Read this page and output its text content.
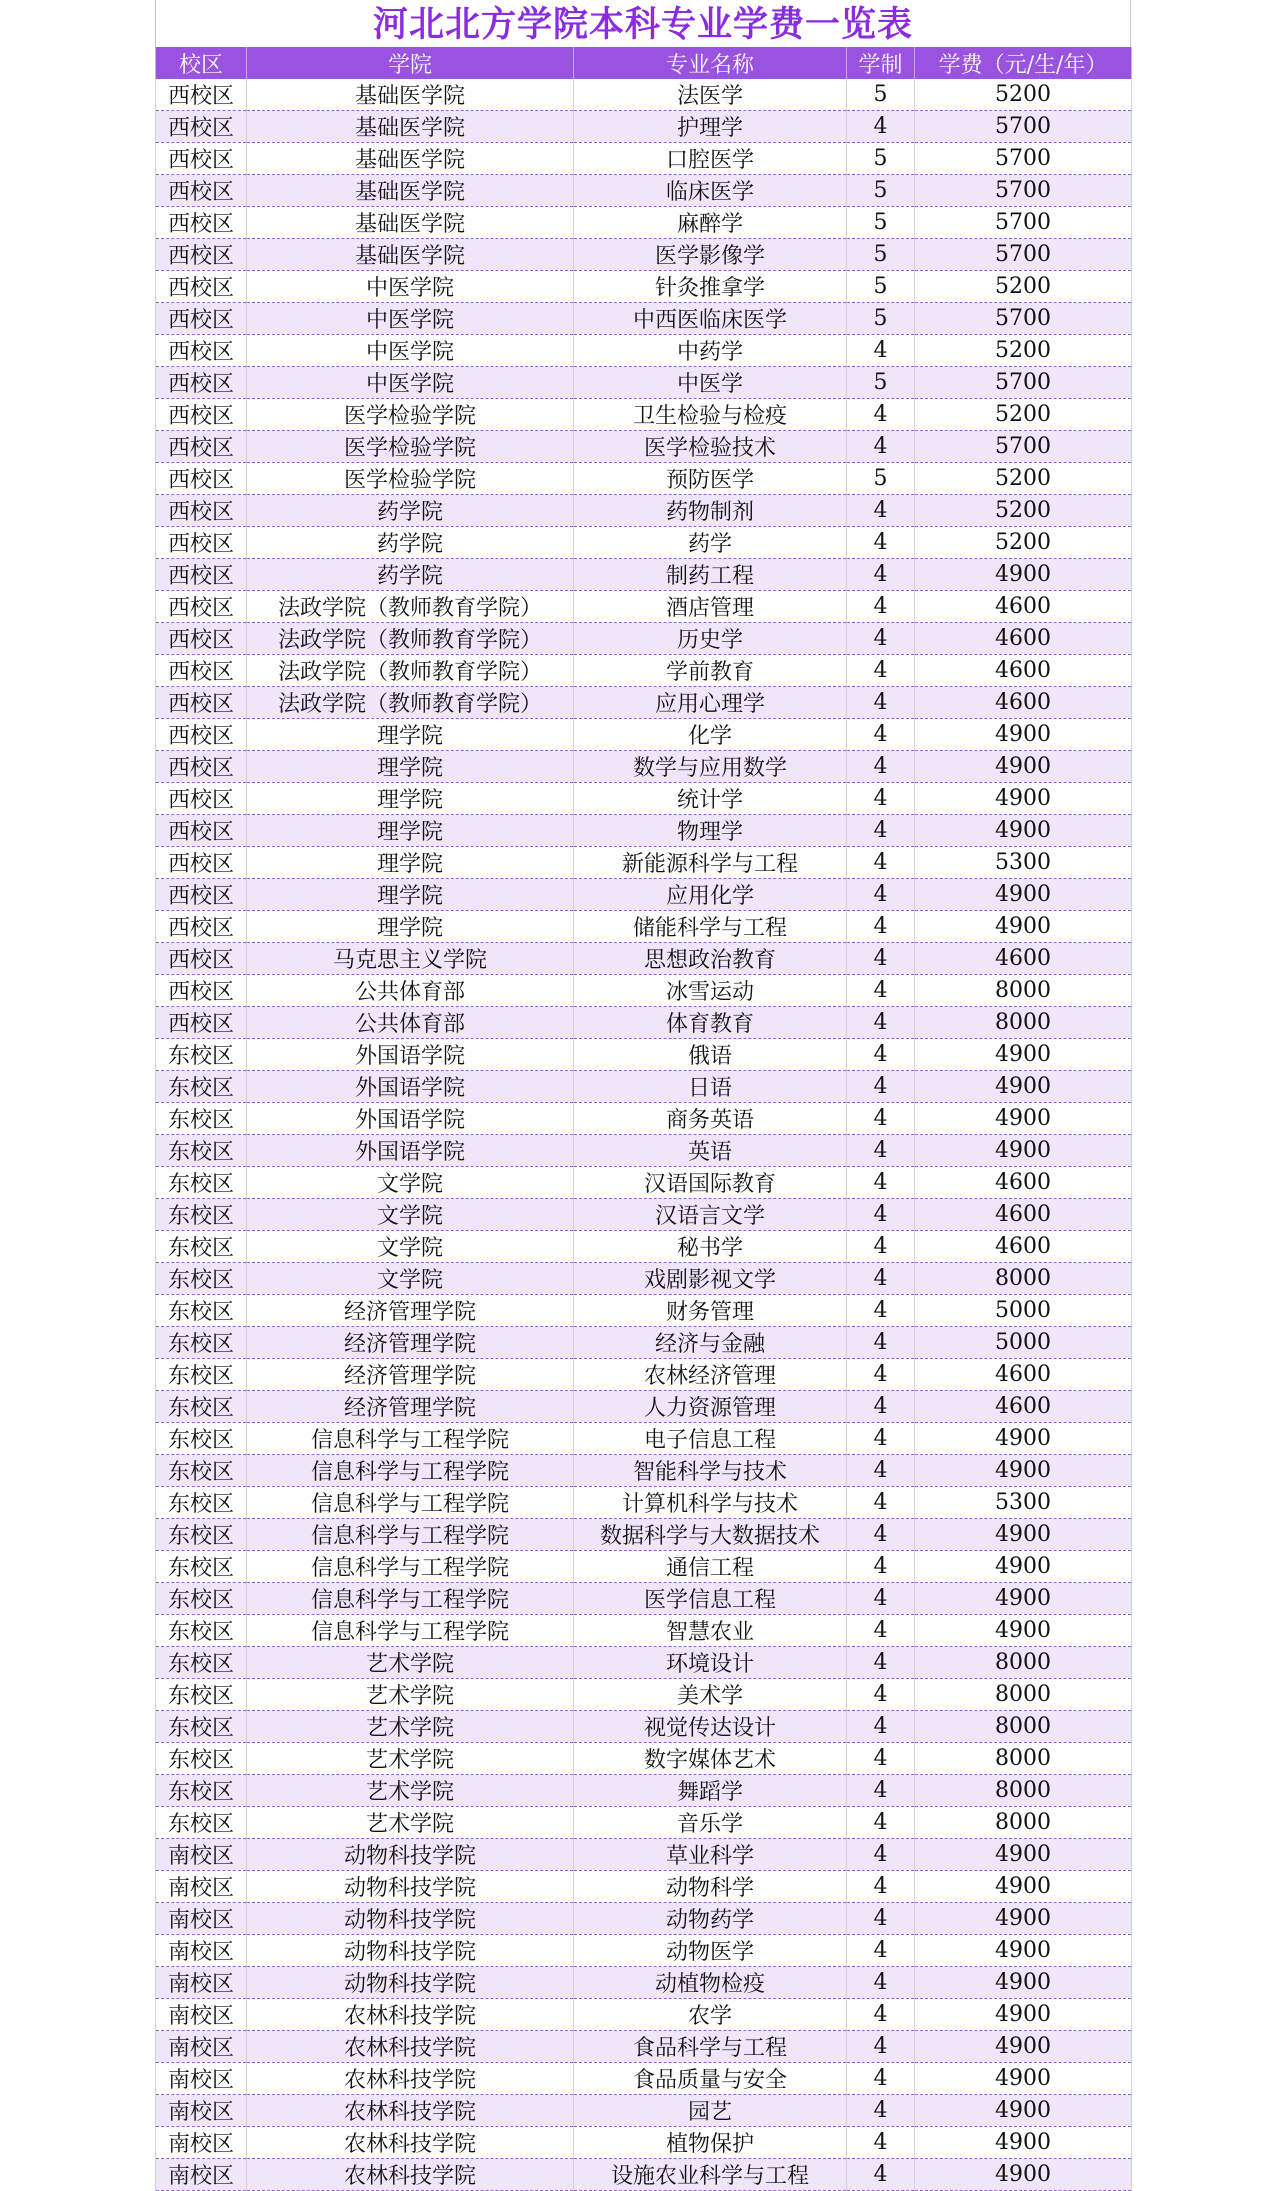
河北北方学院本科专业学费一览表
校区	学院	专业名称	学制	学费（元/生/年）
西校区	基础医学院	法医学	5	5200
西校区	基础医学院	护理学	4	5700
西校区	基础医学院	口腔医学	5	5700
西校区	基础医学院	临床医学	5	5700
西校区	基础医学院	麻醉学	5	5700
西校区	基础医学院	医学影像学	5	5700
西校区	中医学院	针灸推拿学	5	5200
西校区	中医学院	中西医临床医学	5	5700
西校区	中医学院	中药学	4	5200
西校区	中医学院	中医学	5	5700
西校区	医学检验学院	卫生检验与检疫	4	5200
西校区	医学检验学院	医学检验技术	4	5700
西校区	医学检验学院	预防医学	5	5200
西校区	药学院	药物制剂	4	5200
西校区	药学院	药学	4	5200
西校区	药学院	制药工程	4	4900
西校区	法政学院（教师教育学院）	酒店管理	4	4600
西校区	法政学院（教师教育学院）	历史学	4	4600
西校区	法政学院（教师教育学院）	学前教育	4	4600
西校区	法政学院（教师教育学院）	应用心理学	4	4600
西校区	理学院	化学	4	4900
西校区	理学院	数学与应用数学	4	4900
西校区	理学院	统计学	4	4900
西校区	理学院	物理学	4	4900
西校区	理学院	新能源科学与工程	4	5300
西校区	理学院	应用化学	4	4900
西校区	理学院	储能科学与工程	4	4900
西校区	马克思主义学院	思想政治教育	4	4600
西校区	公共体育部	冰雪运动	4	8000
西校区	公共体育部	体育教育	4	8000
东校区	外国语学院	俄语	4	4900
东校区	外国语学院	日语	4	4900
东校区	外国语学院	商务英语	4	4900
东校区	外国语学院	英语	4	4900
东校区	文学院	汉语国际教育	4	4600
东校区	文学院	汉语言文学	4	4600
东校区	文学院	秘书学	4	4600
东校区	文学院	戏剧影视文学	4	8000
东校区	经济管理学院	财务管理	4	5000
东校区	经济管理学院	经济与金融	4	5000
东校区	经济管理学院	农林经济管理	4	4600
东校区	经济管理学院	人力资源管理	4	4600
东校区	信息科学与工程学院	电子信息工程	4	4900
东校区	信息科学与工程学院	智能科学与技术	4	4900
东校区	信息科学与工程学院	计算机科学与技术	4	5300
东校区	信息科学与工程学院	数据科学与大数据技术	4	4900
东校区	信息科学与工程学院	通信工程	4	4900
东校区	信息科学与工程学院	医学信息工程	4	4900
东校区	信息科学与工程学院	智慧农业	4	4900
东校区	艺术学院	环境设计	4	8000
东校区	艺术学院	美术学	4	8000
东校区	艺术学院	视觉传达设计	4	8000
东校区	艺术学院	数字媒体艺术	4	8000
东校区	艺术学院	舞蹈学	4	8000
东校区	艺术学院	音乐学	4	8000
南校区	动物科技学院	草业科学	4	4900
南校区	动物科技学院	动物科学	4	4900
南校区	动物科技学院	动物药学	4	4900
南校区	动物科技学院	动物医学	4	4900
南校区	动物科技学院	动植物检疫	4	4900
南校区	农林科技学院	农学	4	4900
南校区	农林科技学院	食品科学与工程	4	4900
南校区	农林科技学院	食品质量与安全	4	4900
南校区	农林科技学院	园艺	4	4900
南校区	农林科技学院	植物保护	4	4900
南校区	农林科技学院	设施农业科学与工程	4	4900
